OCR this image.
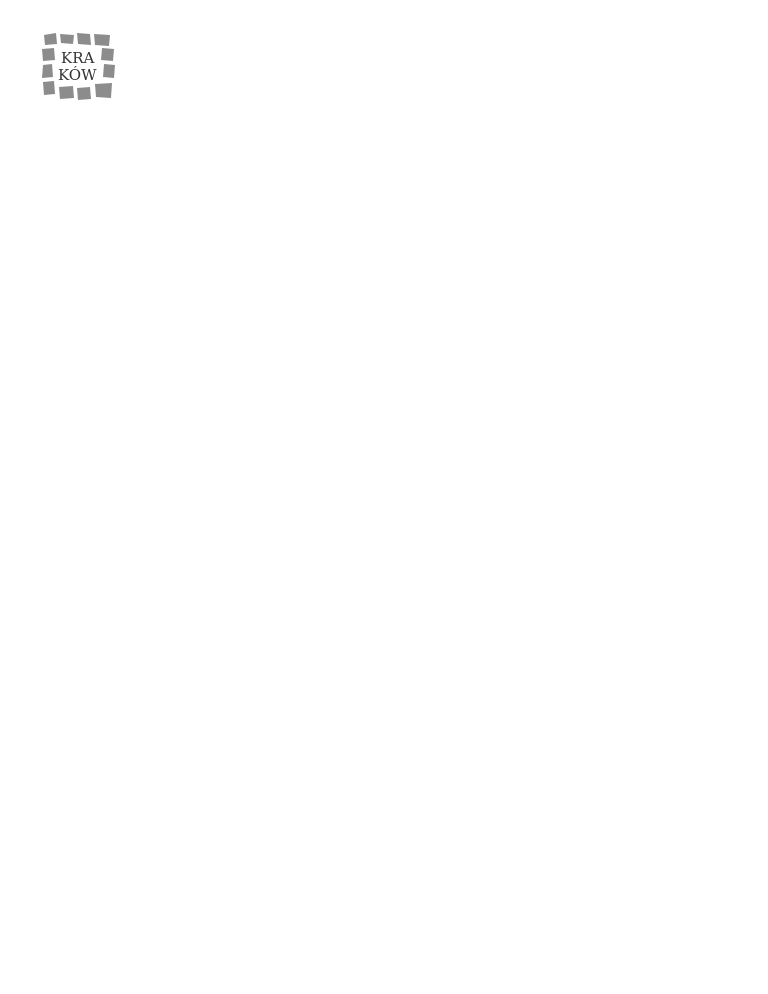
KRA
KÓW
